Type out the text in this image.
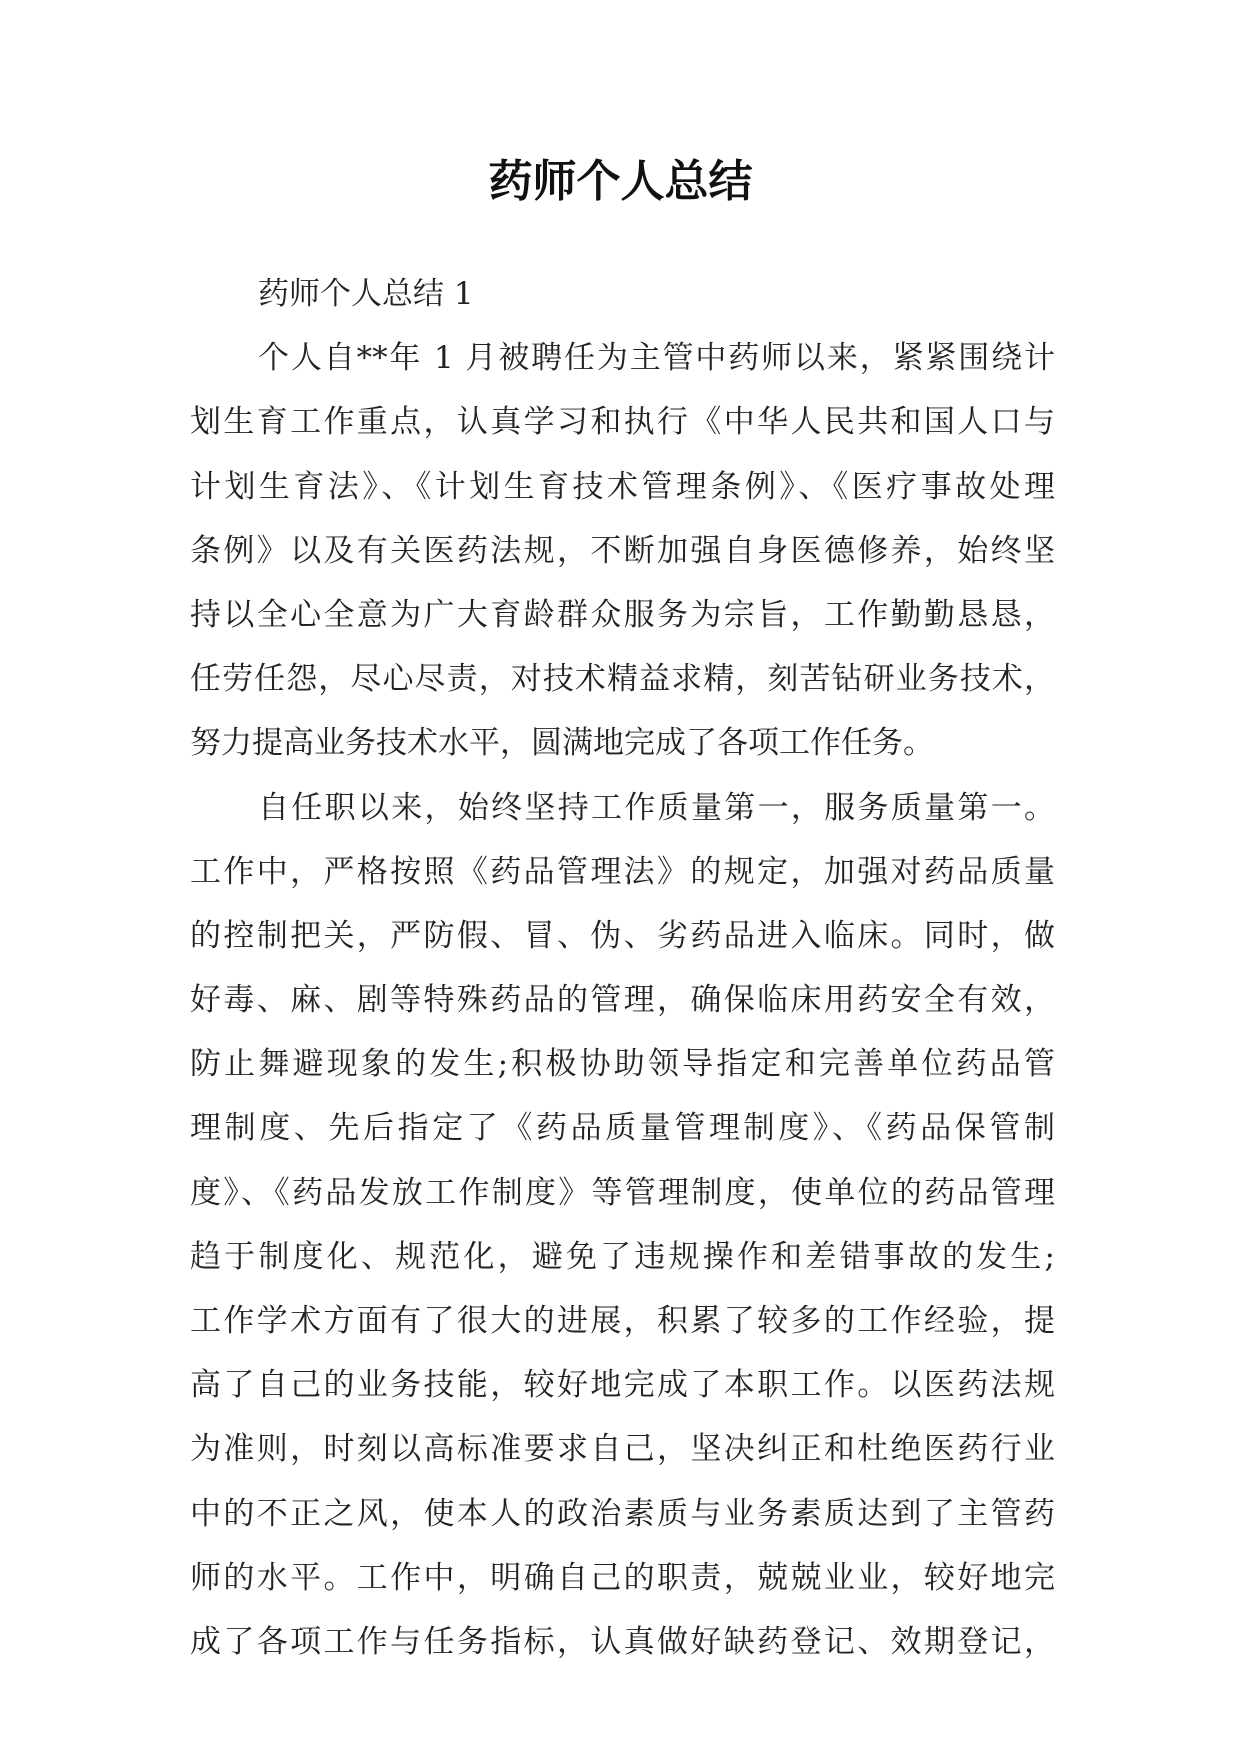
药师个人总结
药师个人总结 1
个人自**年 1 月被聘任为主管中药师以来，紧紧围绕计
划生育工作重点，认真学习和执行《中华人民共和国人口与
计划生育法》、《计划生育技术管理条例》、《医疗事故处理
条例》以及有关医药法规，不断加强自身医德修养，始终坚
持以全心全意为广大育龄群众服务为宗旨，工作勤勤恳恳，
任劳任怨，尽心尽责，对技术精益求精，刻苦钻研业务技术，
努力提高业务技术水平，圆满地完成了各项工作任务。
自任职以来，始终坚持工作质量第一，服务质量第一。
工作中，严格按照《药品管理法》的规定，加强对药品质量
的控制把关，严防假、冒、伪、劣药品进入临床。同时，做
好毒、麻、剧等特殊药品的管理，确保临床用药安全有效，
防止舞避现象的发生;积极协助领导指定和完善单位药品管
理制度、先后指定了《药品质量管理制度》、《药品保管制
度》、《药品发放工作制度》等管理制度，使单位的药品管理
趋于制度化、规范化，避免了违规操作和差错事故的发生;
工作学术方面有了很大的进展，积累了较多的工作经验，提
高了自己的业务技能，较好地完成了本职工作。以医药法规
为准则，时刻以高标准要求自己，坚决纠正和杜绝医药行业
中的不正之风，使本人的政治素质与业务素质达到了主管药
师的水平。工作中，明确自己的职责，兢兢业业，较好地完
成了各项工作与任务指标，认真做好缺药登记、效期登记，
